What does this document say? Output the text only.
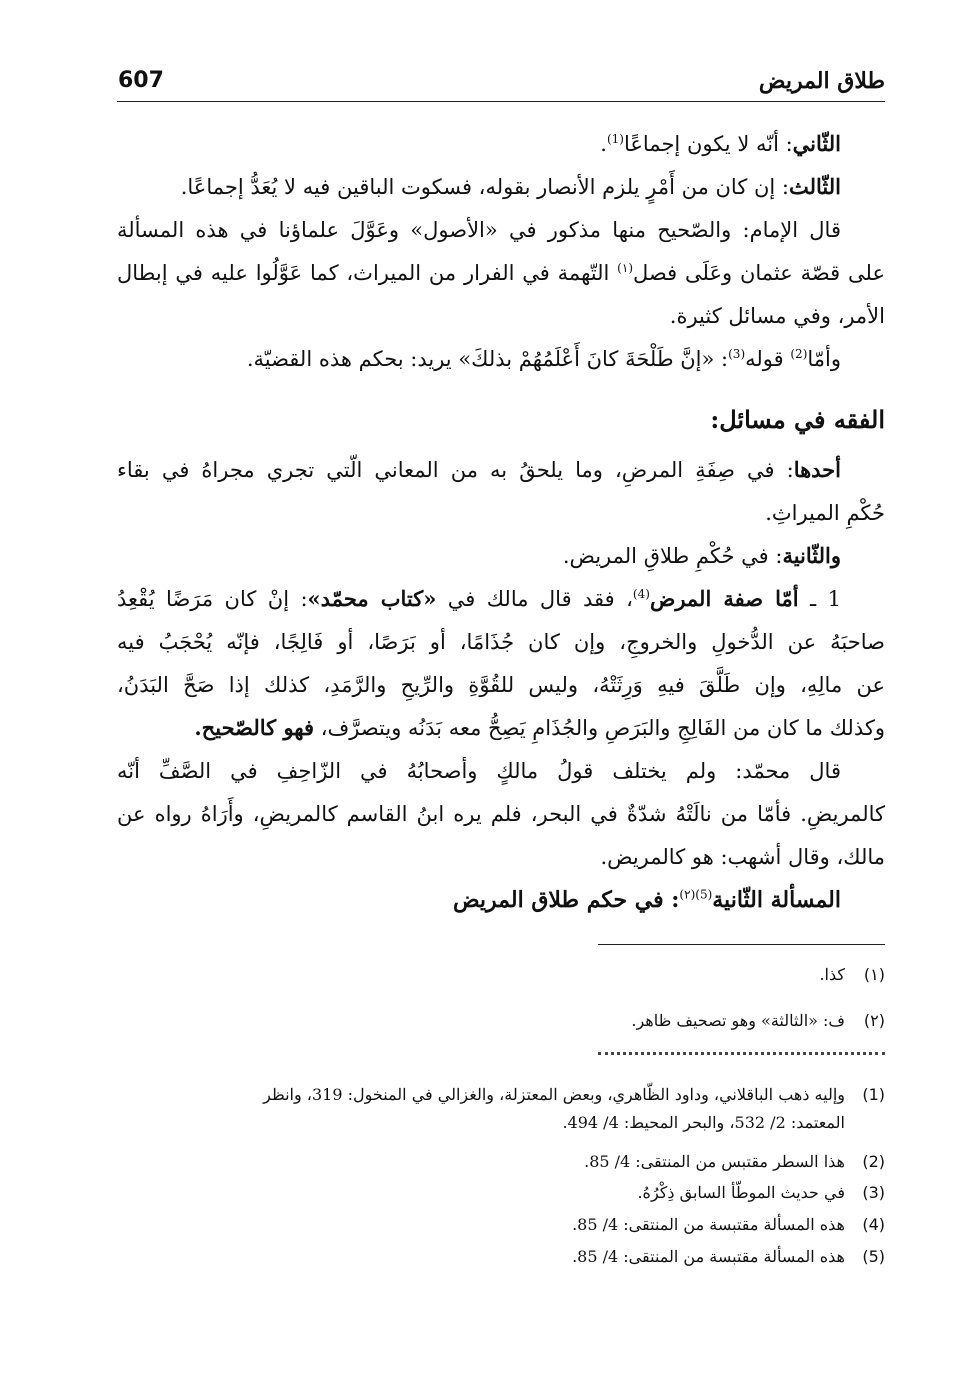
طلاق المريض
607
الثّاني: أنّه لا يكون إجماعًا$^{(1)}$.
الثّالث: إن كان من أَمْرٍ يلزم الأنصار بقوله، فسكوت الباقين فيه لا يُعَدُّ إجماعًا.
قال الإمام: والصّحيح منها مذكور في «الأصول» وعَوَّلَ علماؤنا في هذه المسألة
على قصّة عثمان وعَلَى فصل$^{(١)}$ التّهمة في الفرار من الميراث، كما عَوَّلُوا عليه في إبطال
الأمر، وفي مسائل كثيرة.
وأمّا$^{(2)}$ قوله$^{(3)}$: «إنَّ طَلْحَةَ كانَ أَعْلَمُهُمْ بذلكَ» يريد: بحكم هذه القضيّة.
الفقه في مسائل:
أحدها: في صِفَةِ المرضِ، وما يلحقُ به من المعاني الّتي تجري مجراهُ في بقاء
حُكْمِ الميراثِ.
والثّانية: في حُكْمِ طلاقِ المريض.
1 ـ أمّا صفة المرض$^{(4)}$، فقد قال مالك في «كتاب محمّد»: إنْ كان مَرَضًا يُقْعِدُ
صاحبَهُ عن الدُّخولِ والخروجِ، وإن كان جُذَامًا، أو بَرَصًا، أو فَالِجًا، فإنّه يُحْجَبُ فيه
عن مالِهِ، وإن طَلَّقَ فيهِ وَرِثَتْهُ، وليس للقُوَّةِ والرِّيحِ والرَّمَدِ، كذلك إذا صَحَّ البَدَنُ،
وكذلك ما كان من الفَالِجِ والبَرَصِ والجُذَامِ يَصِحُّ معه بَدَنُه ويتصرَّف، فهو كالصّحيح.
قال محمّد: ولم يختلف قولُ مالكٍ وأصحابُهُ في الزّاحِفِ في الصَّفِّ أنّه
كالمريضِ. فأمّا من نالَتْهُ شدّةٌ في البحر، فلم يره ابنُ القاسم كالمريضِ، وأَرَاهُ رواه عن
مالك، وقال أشهب: هو كالمريض.
المسألة الثّانية$^{(5)(٢)}$: في حكم طلاق المريض
(١)كذا.
(٢)ف: «الثالثة» وهو تصحيف ظاهر.
(1)وإليه ذهب الباقلاني، وداود الظّاهري، وبعض المعتزلة، والغزالي في المنخول: 319، وانظر
المعتمد: 2/ 532، والبحر المحيط: 4/ 494.
(2)هذا السطر مقتبس من المنتقى: 4/ 85.
(3)في حديث الموطّأ السابق ذِكْرُهُ.
(4)هذه المسألة مقتبسة من المنتقى: 4/ 85.
(5)هذه المسألة مقتبسة من المنتقى: 4/ 85.
